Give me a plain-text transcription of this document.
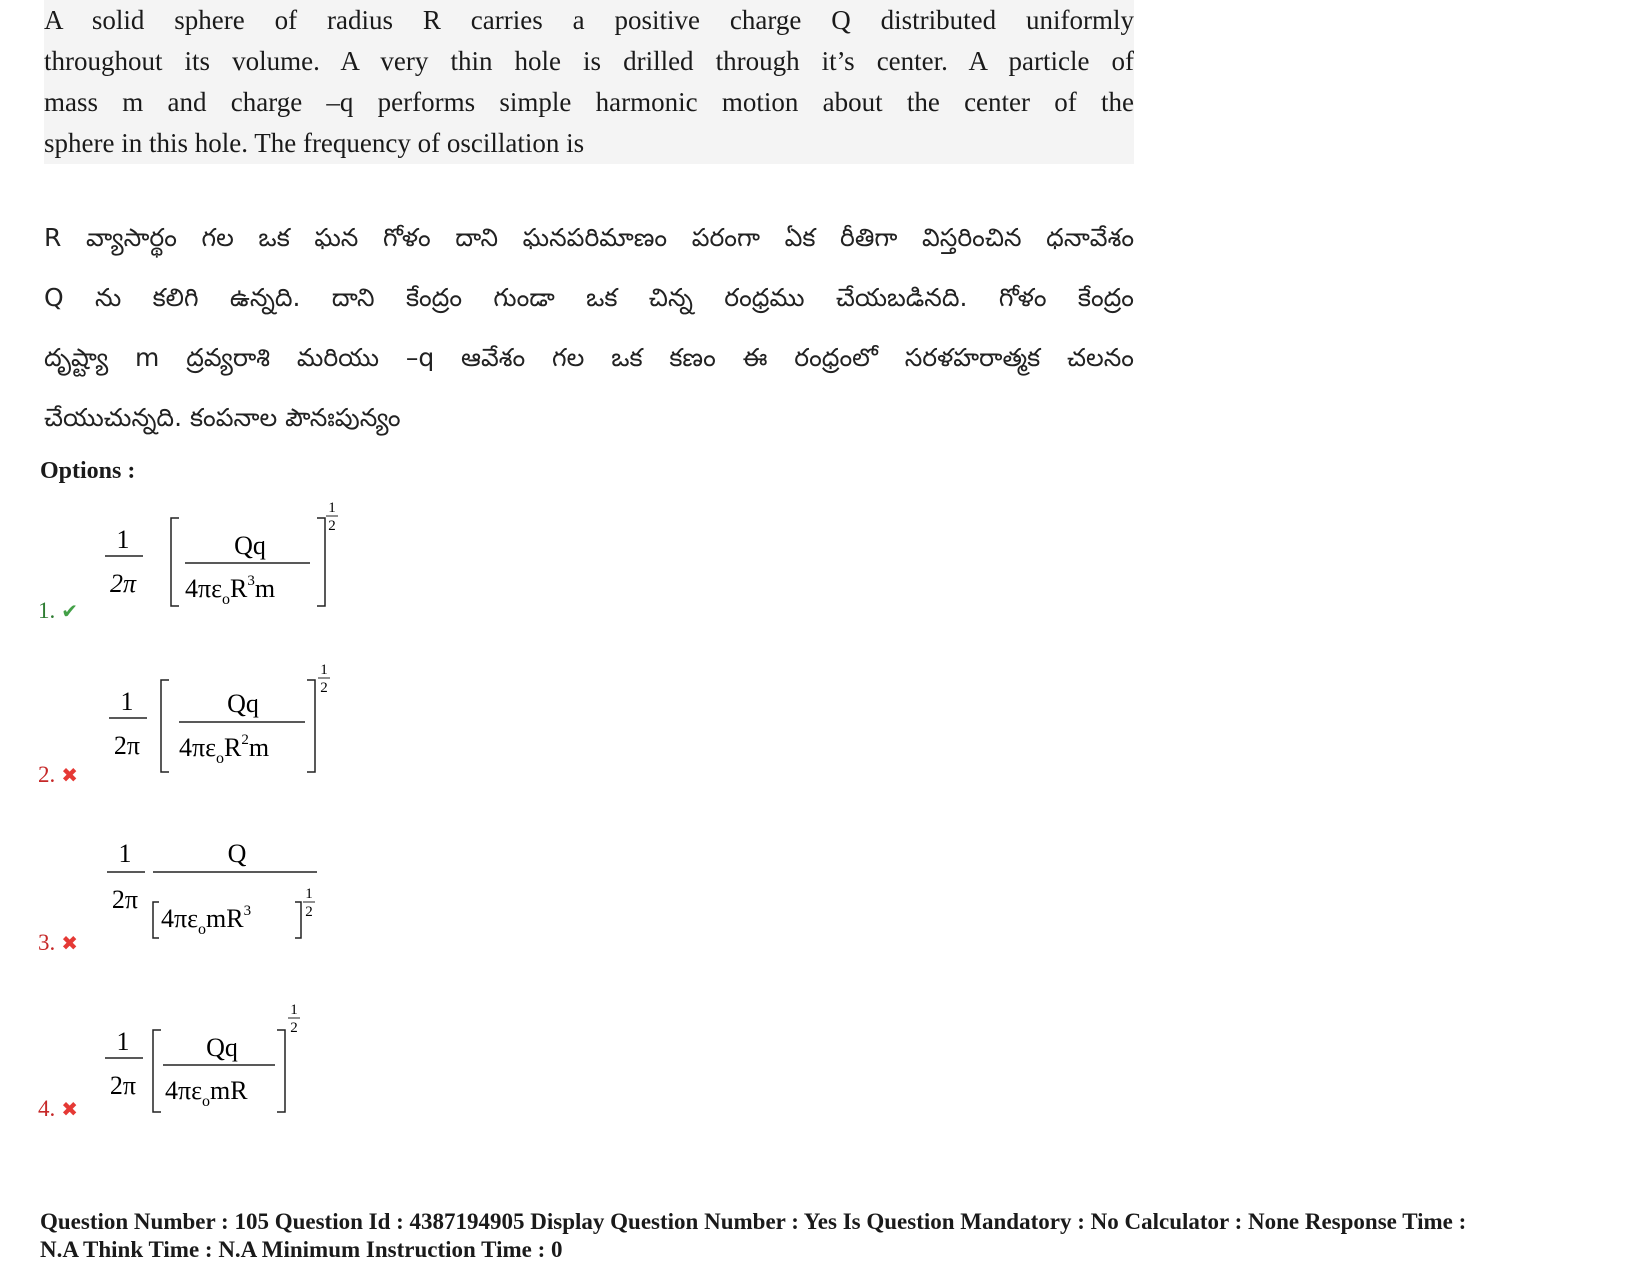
A solid sphere of radius R carries a positive charge Q distributed uniformly
throughout its volume. A very thin hole is drilled through it’s center. A particle of
mass m and charge –q performs simple harmonic motion about the center of the
sphere in this hole. The frequency of oscillation is
R వ్యాసార్థం గల ఒక ఘన గోళం దాని ఘనపరిమాణం పరంగా ఏక రీతిగా విస్తరించిన ధనావేశం
Q ను కలిగి ఉన్నది. దాని కేంద్రం గుండా ఒక చిన్న రంధ్రము చేయబడినది. గోళం కేంద్రం
దృష్ట్యా m ద్రవ్యరాశి మరియు –q ఆవేశం గల ఒక కణం ఈ రంధ్రంలో సరళహరాత్మక చలనం
చేయుచున్నది. కంపనాల పౌనఃపున్యం
Options :
1. ✔
1
2π
Qq
$4\pi\varepsilon_oR^3m$
1
2
2. ✖
1
2π
Qq
$4\pi\varepsilon_oR^2m$
1
2
3. ✖
1
2π
Q
$4\pi\varepsilon_omR^3$
1
2
4. ✖
1
2π
Qq
$4\pi\varepsilon_omR$
1
2
Question Number : 105 Question Id : 4387194905 Display Question Number : Yes Is Question Mandatory : No Calculator : None Response Time :
N.A Think Time : N.A Minimum Instruction Time : 0
